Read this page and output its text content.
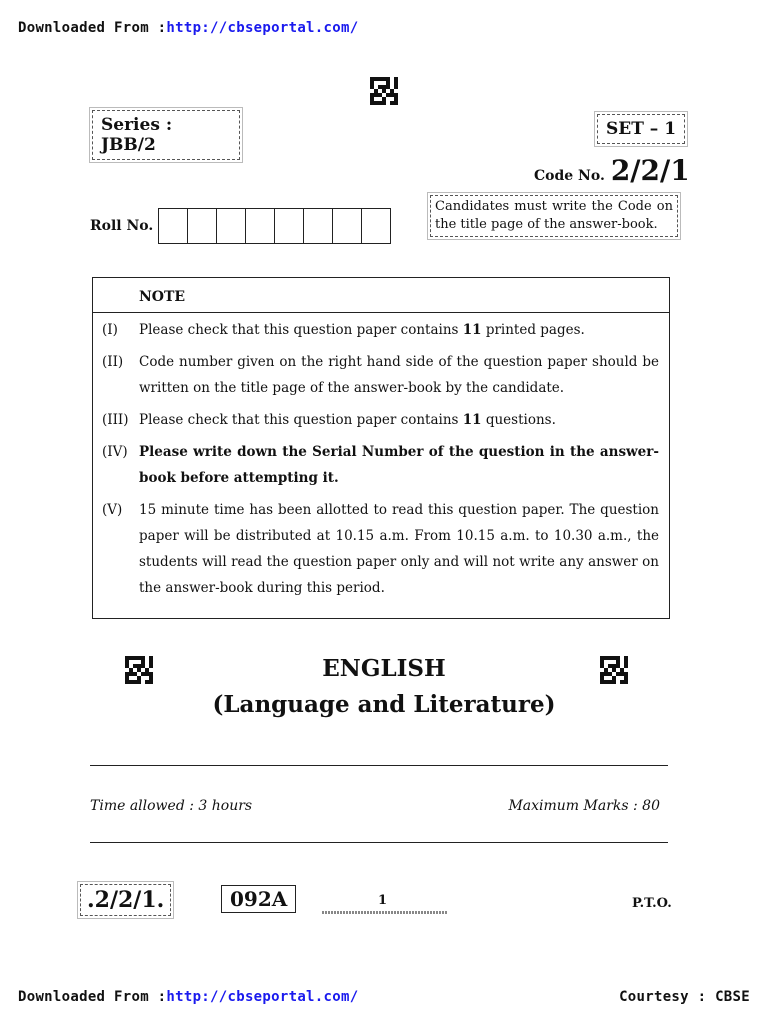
Downloaded From :http://cbseportal.com/
Series : JBB/2
SET – 1
Code No. 2/2/1
Candidates must write the Code on the title page of the answer-book.
Roll No.
NOTE
(I)	Please check that this question paper contains 11 printed pages.
(II)	Code number given on the right hand side of the question paper should be written on the title page of the answer-book by the candidate.
(III) Please check that this question paper contains 11 questions.
(IV) Please write down the Serial Number of the question in the answer-book before attempting it.
(V)	15 minute time has been allotted to read this question paper. The question paper will be distributed at 10.15 a.m. From 10.15 a.m. to 10.30 a.m., the students will read the question paper only and will not write any answer on the answer-book during this period.
ENGLISH
(Language and Literature)
Time allowed : 3 hours	Maximum Marks : 80
.2/2/1.	092A	1	P.T.O.
Downloaded From :http://cbseportal.com/	Courtesy : CBSE
